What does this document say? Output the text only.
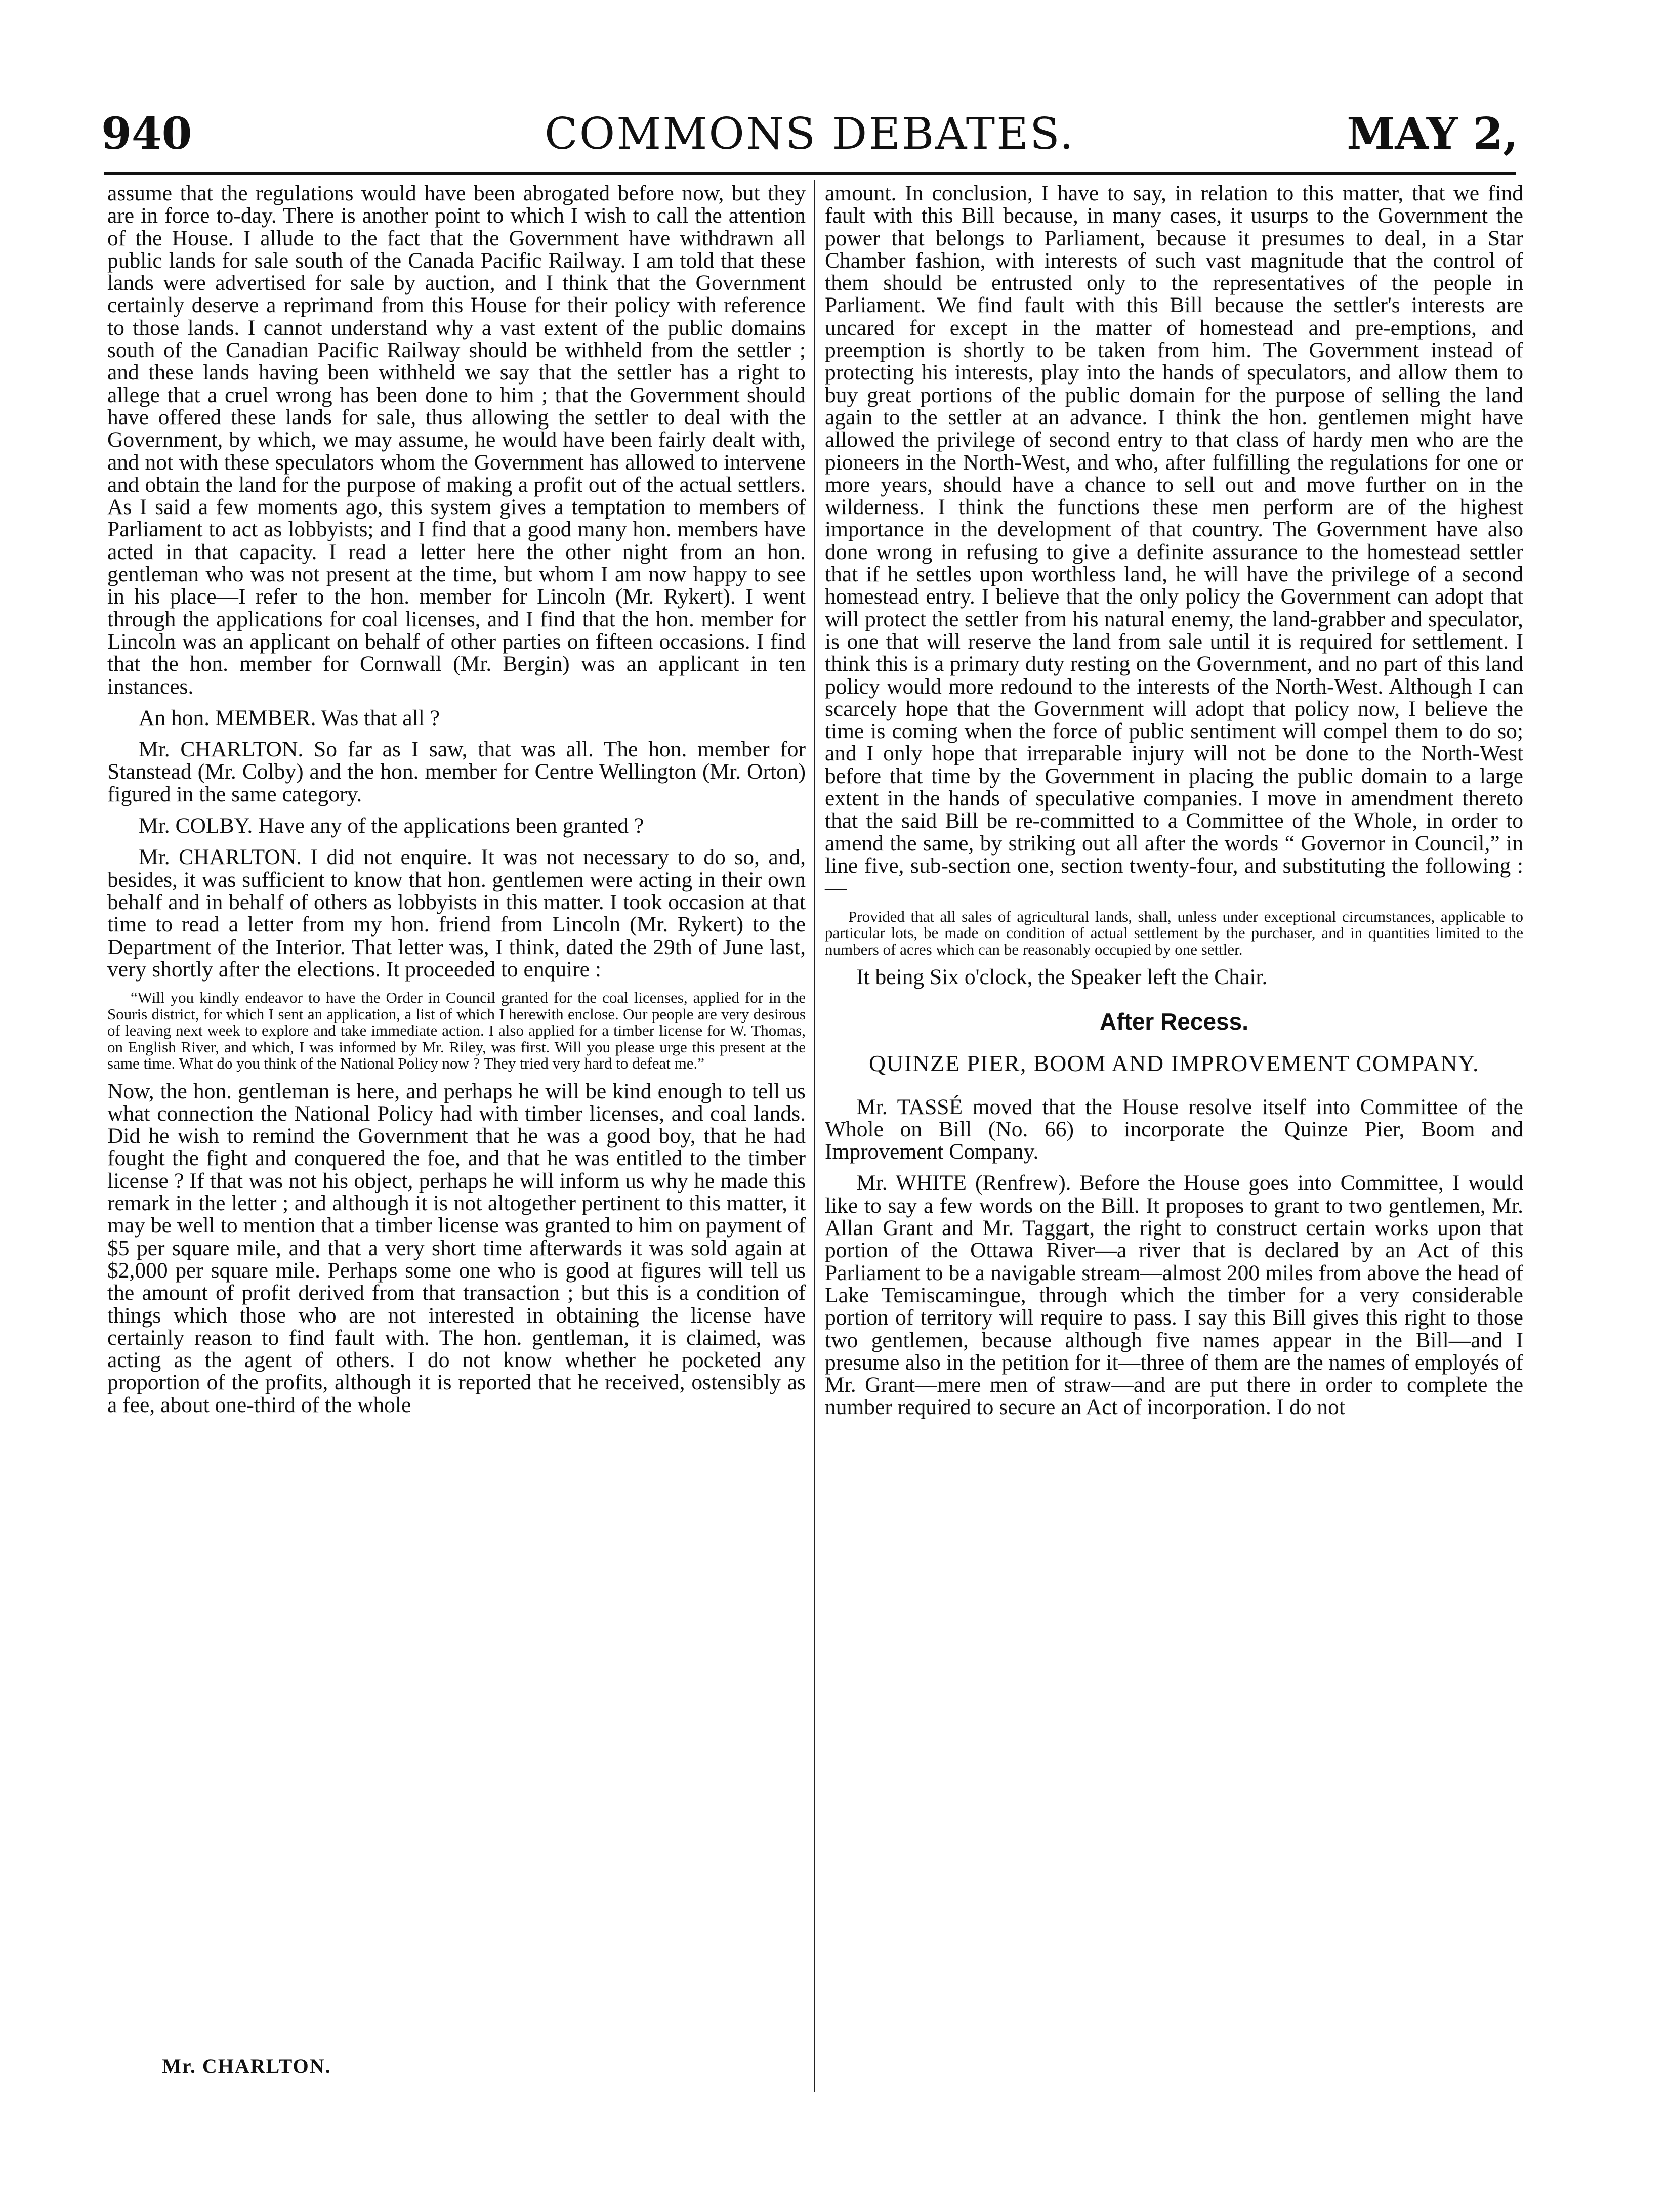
940	COMMONS DEBATES.	MAY 2,

assume that the regulations would have been abrogated before now, but they are in force to-day. There is another point to which I wish to call the attention of the House. I allude to the fact that the Government have withdrawn all public lands for sale south of the Canada Pacific Railway. I am told that these lands were advertised for sale by auction, and I think that the Government certainly deserve a reprimand from this House for their policy with reference to those lands. I cannot understand why a vast extent of the public domains south of the Canadian Pacific Railway should be withheld from the settler ; and these lands having been withheld we say that the settler has a right to allege that a cruel wrong has been done to him ; that the Government should have offered these lands for sale, thus allowing the settler to deal with the Government, by which, we may assume, he would have been fairly dealt with, and not with these speculators whom the Government has allowed to intervene and obtain the land for the purpose of making a profit out of the actual settlers. As I said a few moments ago, this system gives a temptation to members of Parliament to act as lobbyists; and I find that a good many hon. members have acted in that capacity. I read a letter here the other night from an hon. gentleman who was not present at the time, but whom I am now happy to see in his place—I refer to the hon. member for Lincoln (Mr. Rykert). I went through the applications for coal licenses, and I find that the hon. member for Lincoln was an applicant on behalf of other parties on fifteen occasions. I find that the hon. member for Cornwall (Mr. Bergin) was an applicant in ten instances.

An hon. MEMBER. Was that all ?

Mr. CHARLTON. So far as I saw, that was all. The hon. member for Stanstead (Mr. Colby) and the hon. member for Centre Wellington (Mr. Orton) figured in the same category.

Mr. COLBY. Have any of the applications been granted ?

Mr. CHARLTON. I did not enquire. It was not necessary to do so, and, besides, it was sufficient to know that hon. gentlemen were acting in their own behalf and in behalf of others as lobbyists in this matter. I took occasion at that time to read a letter from my hon. friend from Lincoln (Mr. Rykert) to the Department of the Interior. That letter was, I think, dated the 29th of June last, very shortly after the elections. It proceeded to enquire :

“Will you kindly endeavor to have the Order in Council granted for the coal licenses, applied for in the Souris district, for which I sent an application, a list of which I herewith enclose. Our people are very desirous of leaving next week to explore and take immediate action. I also applied for a timber license for W. Thomas, on English River, and which, I was informed by Mr. Riley, was first. Will you please urge this present at the same time. What do you think of the National Policy now ? They tried very hard to defeat me.”

Now, the hon. gentleman is here, and perhaps he will be kind enough to tell us what connection the National Policy had with timber licenses, and coal lands. Did he wish to remind the Government that he was a good boy, that he had fought the fight and conquered the foe, and that he was entitled to the timber license ? If that was not his object, perhaps he will inform us why he made this remark in the letter ; and although it is not altogether pertinent to this matter, it may be well to mention that a timber license was granted to him on payment of $5 per square mile, and that a very short time afterwards it was sold again at $2,000 per square mile. Perhaps some one who is good at figures will tell us the amount of profit derived from that transaction ; but this is a condition of things which those who are not interested in obtaining the license have certainly reason to find fault with. The hon. gentleman, it is claimed, was acting as the agent of others. I do not know whether he pocketed any proportion of the profits, although it is reported that he received, ostensibly as a fee, about one-third of the whole

amount. In conclusion, I have to say, in relation to this matter, that we find fault with this Bill because, in many cases, it usurps to the Government the power that belongs to Parliament, because it presumes to deal, in a Star Chamber fashion, with interests of such vast magnitude that the control of them should be entrusted only to the representatives of the people in Parliament. We find fault with this Bill because the settler's interests are uncared for except in the matter of homestead and pre-emptions, and preemption is shortly to be taken from him. The Government instead of protecting his interests, play into the hands of speculators, and allow them to buy great portions of the public domain for the purpose of selling the land again to the settler at an advance. I think the hon. gentlemen might have allowed the privilege of second entry to that class of hardy men who are the pioneers in the North-West, and who, after fulfilling the regulations for one or more years, should have a chance to sell out and move further on in the wilderness. I think the functions these men perform are of the highest importance in the development of that country. The Government have also done wrong in refusing to give a definite assurance to the homestead settler that if he settles upon worthless land, he will have the privilege of a second homestead entry. I believe that the only policy the Government can adopt that will protect the settler from his natural enemy, the land-grabber and speculator, is one that will reserve the land from sale until it is required for settlement. I think this is a primary duty resting on the Government, and no part of this land policy would more redound to the interests of the North-West. Although I can scarcely hope that the Government will adopt that policy now, I believe the time is coming when the force of public sentiment will compel them to do so; and I only hope that irreparable injury will not be done to the North-West before that time by the Government in placing the public domain to a large extent in the hands of speculative companies. I move in amendment thereto that the said Bill be re-committed to a Committee of the Whole, in order to amend the same, by striking out all after the words “ Governor in Council,” in line five, sub-section one, section twenty-four, and substituting the following :—

Provided that all sales of agricultural lands, shall, unless under exceptional circumstances, applicable to particular lots, be made on condition of actual settlement by the purchaser, and in quantities limited to the numbers of acres which can be reasonably occupied by one settler.

It being Six o'clock, the Speaker left the Chair.

After Recess.

QUINZE PIER, BOOM AND IMPROVEMENT COMPANY.

Mr. TASSÉ moved that the House resolve itself into Committee of the Whole on Bill (No. 66) to incorporate the Quinze Pier, Boom and Improvement Company.

Mr. WHITE (Renfrew). Before the House goes into Committee, I would like to say a few words on the Bill. It proposes to grant to two gentlemen, Mr. Allan Grant and Mr. Taggart, the right to construct certain works upon that portion of the Ottawa River—a river that is declared by an Act of this Parliament to be a navigable stream—almost 200 miles from above the head of Lake Temiscamingue, through which the timber for a very considerable portion of territory will require to pass. I say this Bill gives this right to those two gentlemen, because although five names appear in the Bill—and I presume also in the petition for it—three of them are the names of employés of Mr. Grant—mere men of straw—and are put there in order to complete the number required to secure an Act of incorporation. I do not

Mr. CHARLTON.
